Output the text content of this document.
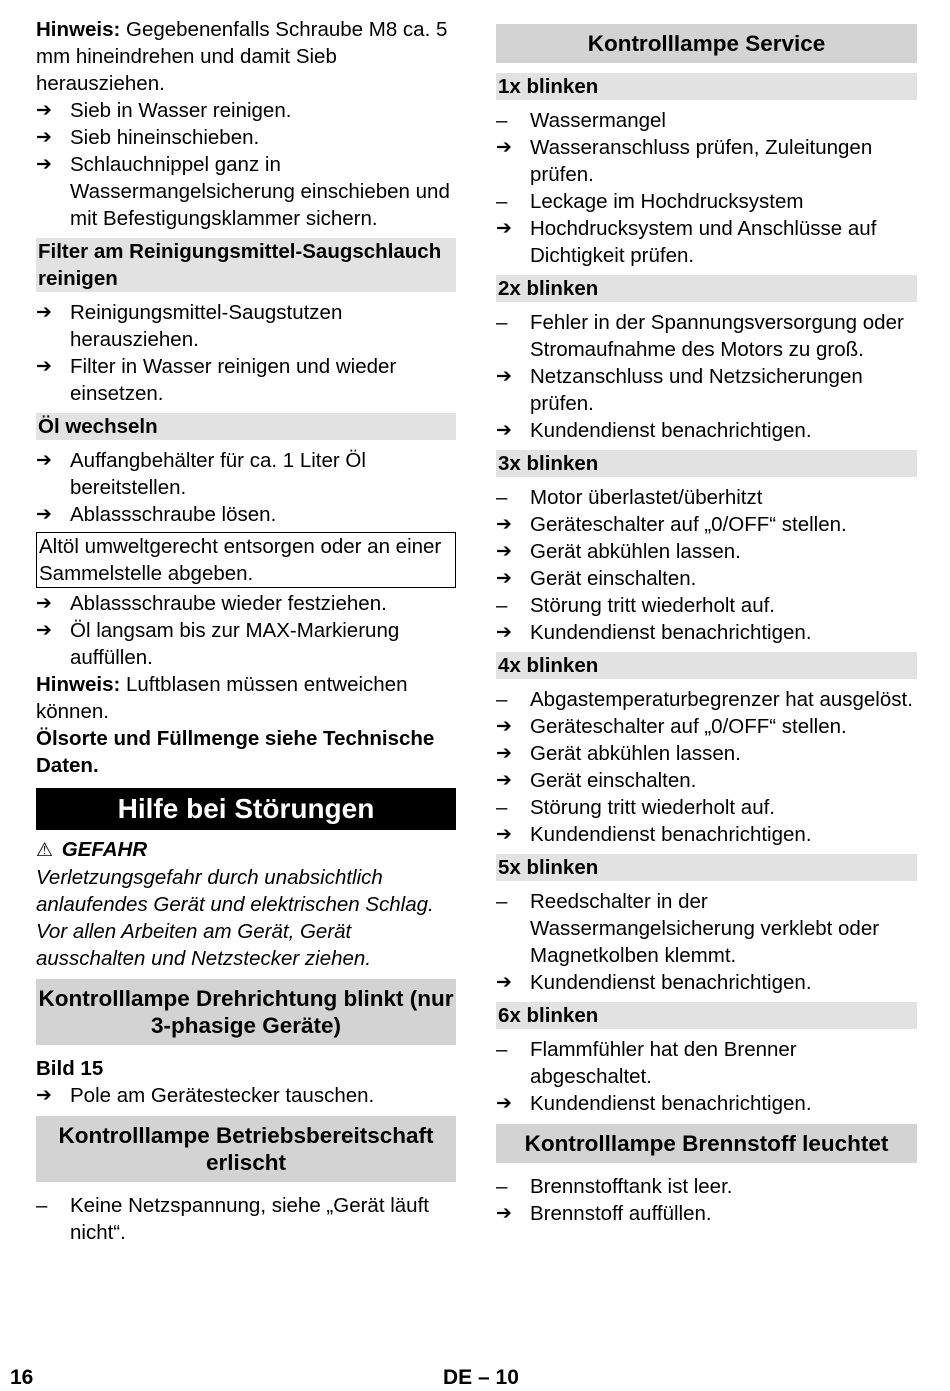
Hinweis: Gegebenenfalls Schraube M8 ca. 5 mm hineindrehen und damit Sieb herausziehen.

➔ Sieb in Wasser reinigen.
➔ Sieb hineinschieben.
➔ Schlauchnippel ganz in Wassermangelsicherung einschieben und mit Befestigungsklammer sichern.
Filter am Reinigungsmittel-Saugschlauch reinigen
➔ Reinigungsmittel-Saugstutzen herausziehen.
➔ Filter in Wasser reinigen und wieder einsetzen.
Öl wechseln
➔ Auffangbehälter für ca. 1 Liter Öl bereitstellen.
➔ Ablassschraube lösen.
Altöl umweltgerecht entsorgen oder an einer Sammelstelle abgeben.
➔ Ablassschraube wieder festziehen.
➔ Öl langsam bis zur MAX-Markierung auffüllen.

Hinweis: Luftblasen müssen entweichen können.

Ölsorte und Füllmenge siehe Technische Daten.

Hilfe bei Störungen

⚠ GEFAHR

Verletzungsgefahr durch unabsichtlich anlaufendes Gerät und elektrischen Schlag. Vor allen Arbeiten am Gerät, Gerät ausschalten und Netzstecker ziehen.

Kontrolllampe Drehrichtung blinkt (nur 3-phasige Geräte)

Bild 15

➔ Pole am Gerätestecker tauschen.
Kontrolllampe Betriebsbereitschaft erlischt
–	Keine Netzspannung, siehe „Gerät läuft nicht“.
Kontrolllampe Service
1x blinken
–	Wassermangel
➔ Wasseranschluss prüfen, Zuleitungen prüfen.
–	Leckage im Hochdrucksystem
➔ Hochdrucksystem und Anschlüsse auf Dichtigkeit prüfen.
2x blinken
–	Fehler in der Spannungsversorgung oder Stromaufnahme des Motors zu groß.
➔ Netzanschluss und Netzsicherungen prüfen.
➔ Kundendienst benachrichtigen.
3x blinken
–	Motor überlastet/überhitzt
➔ Geräteschalter auf „0/OFF“ stellen.
➔ Gerät abkühlen lassen.
➔ Gerät einschalten.
–	Störung tritt wiederholt auf.
➔ Kundendienst benachrichtigen.
4x blinken
–	Abgastemperaturbegrenzer hat ausgelöst.
➔ Geräteschalter auf „0/OFF“ stellen.
➔ Gerät abkühlen lassen.
➔ Gerät einschalten.
–	Störung tritt wiederholt auf.
➔ Kundendienst benachrichtigen.
5x blinken
–	Reedschalter in der Wassermangelsicherung verklebt oder Magnetkolben klemmt.
➔ Kundendienst benachrichtigen.
6x blinken
–	Flammfühler hat den Brenner abgeschaltet.
➔ Kundendienst benachrichtigen.
Kontrolllampe Brennstoff leuchtet
–	Brennstofftank ist leer.
➔ Brennstoff auffüllen.
16	DE – 10
